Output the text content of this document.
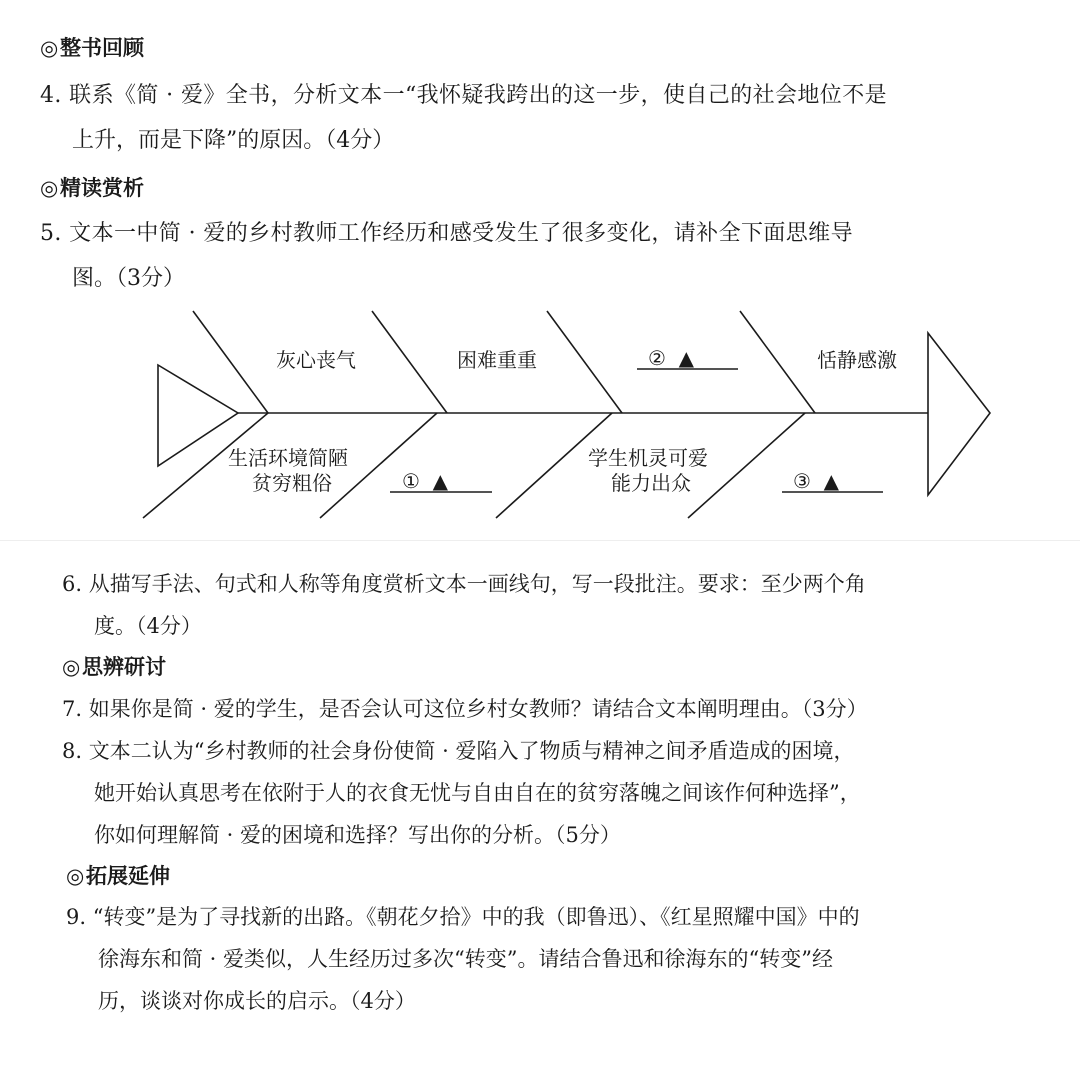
◎整书回顾
4. 联系《简 · 爱》全书，分析文本一“我怀疑我跨出的这一步，使自己的社会地位不是
上升，而是下降”的原因。（4分）
◎精读赏析
5. 文本一中简 · 爱的乡村教师工作经历和感受发生了很多变化，请补全下面思维导
图。（3分）
灰心丧气	困难重重	②  ▲	恬静感激
生活环境简陋
贫穷粗俗	①  ▲
学生机灵可爱
能力出众	③  ▲
6. 从描写手法、句式和人称等角度赏析文本一画线句，写一段批注。要求：至少两个角
度。（4分）
◎思辨研讨
7. 如果你是简 · 爱的学生，是否会认可这位乡村女教师？请结合文本阐明理由。（3分）
8. 文本二认为“乡村教师的社会身份使简 · 爱陷入了物质与精神之间矛盾造成的困境，
她开始认真思考在依附于人的衣食无忧与自由自在的贫穷落魄之间该作何种选择”，
你如何理解简 · 爱的困境和选择？写出你的分析。（5分）
◎拓展延伸
9. “转变”是为了寻找新的出路。《朝花夕拾》中的我（即鲁迅）、《红星照耀中国》中的
徐海东和简 · 爱类似，人生经历过多次“转变”。请结合鲁迅和徐海东的“转变”经
历，谈谈对你成长的启示。（4分）
